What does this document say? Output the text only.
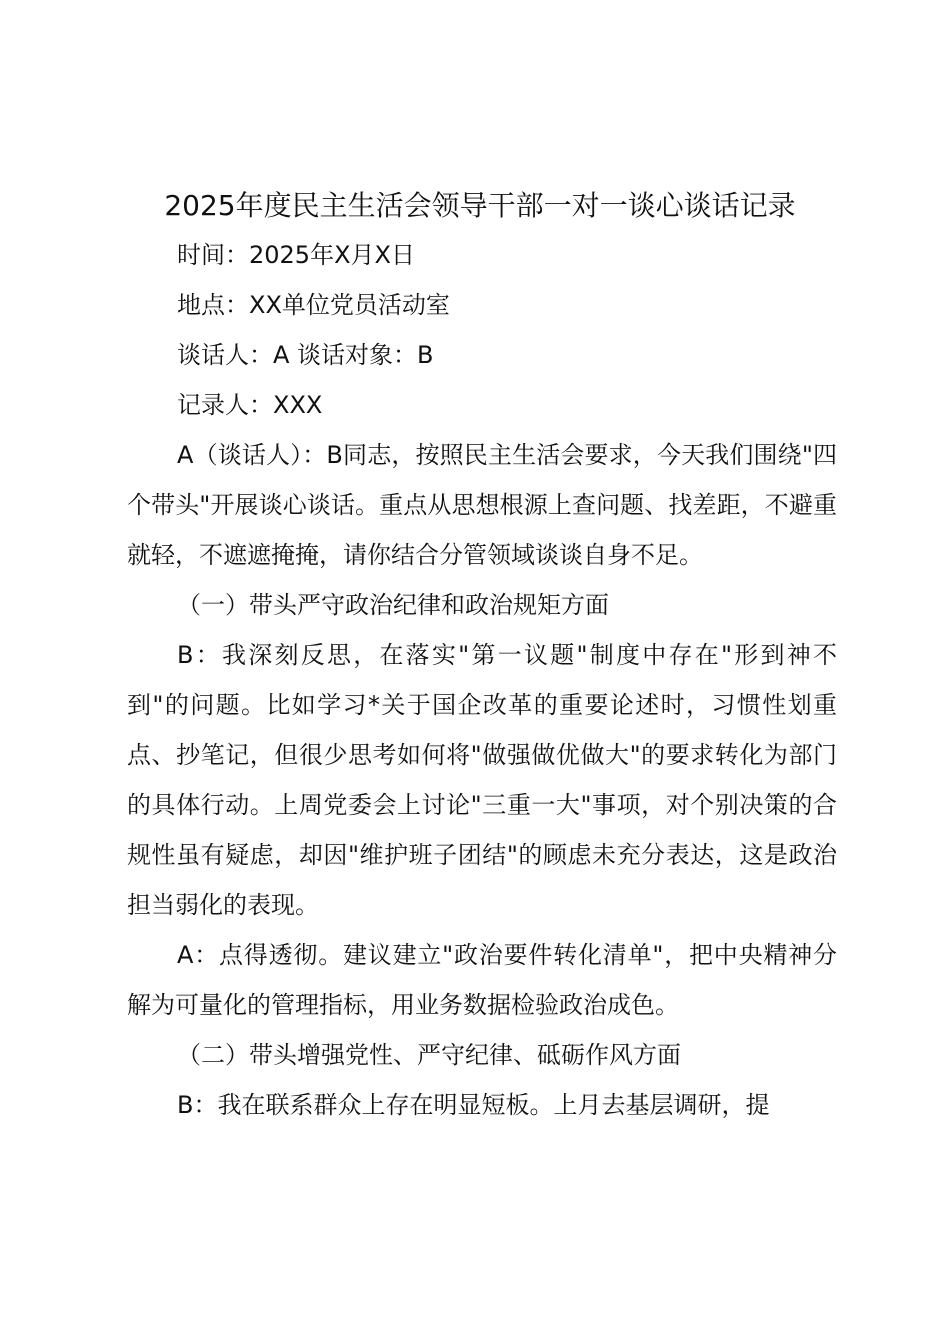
2025年度民主生活会领导干部一对一谈心谈话记录

时间：2025年X月X日

地点：XX单位党员活动室

谈话人：A 谈话对象：B

记录人：XXX

A（谈话人）：B同志，按照民主生活会要求，今天我们围绕"四个带头"开展谈心谈话。重点从思想根源上查问题、找差距，不避重就轻，不遮遮掩掩，请你结合分管领域谈谈自身不足。

（一）带头严守政治纪律和政治规矩方面

B：我深刻反思，在落实"第一议题"制度中存在"形到神不到"的问题。比如学习*关于国企改革的重要论述时，习惯性划重点、抄笔记，但很少思考如何将"做强做优做大"的要求转化为部门的具体行动。上周党委会上讨论"三重一大"事项，对个别决策的合规性虽有疑虑，却因"维护班子团结"的顾虑未充分表达，这是政治担当弱化的表现。

A：点得透彻。建议建立"政治要件转化清单"，把中央精神分解为可量化的管理指标，用业务数据检验政治成色。

（二）带头增强党性、严守纪律、砥砺作风方面

B：我在联系群众上存在明显短板。上月去基层调研，提
